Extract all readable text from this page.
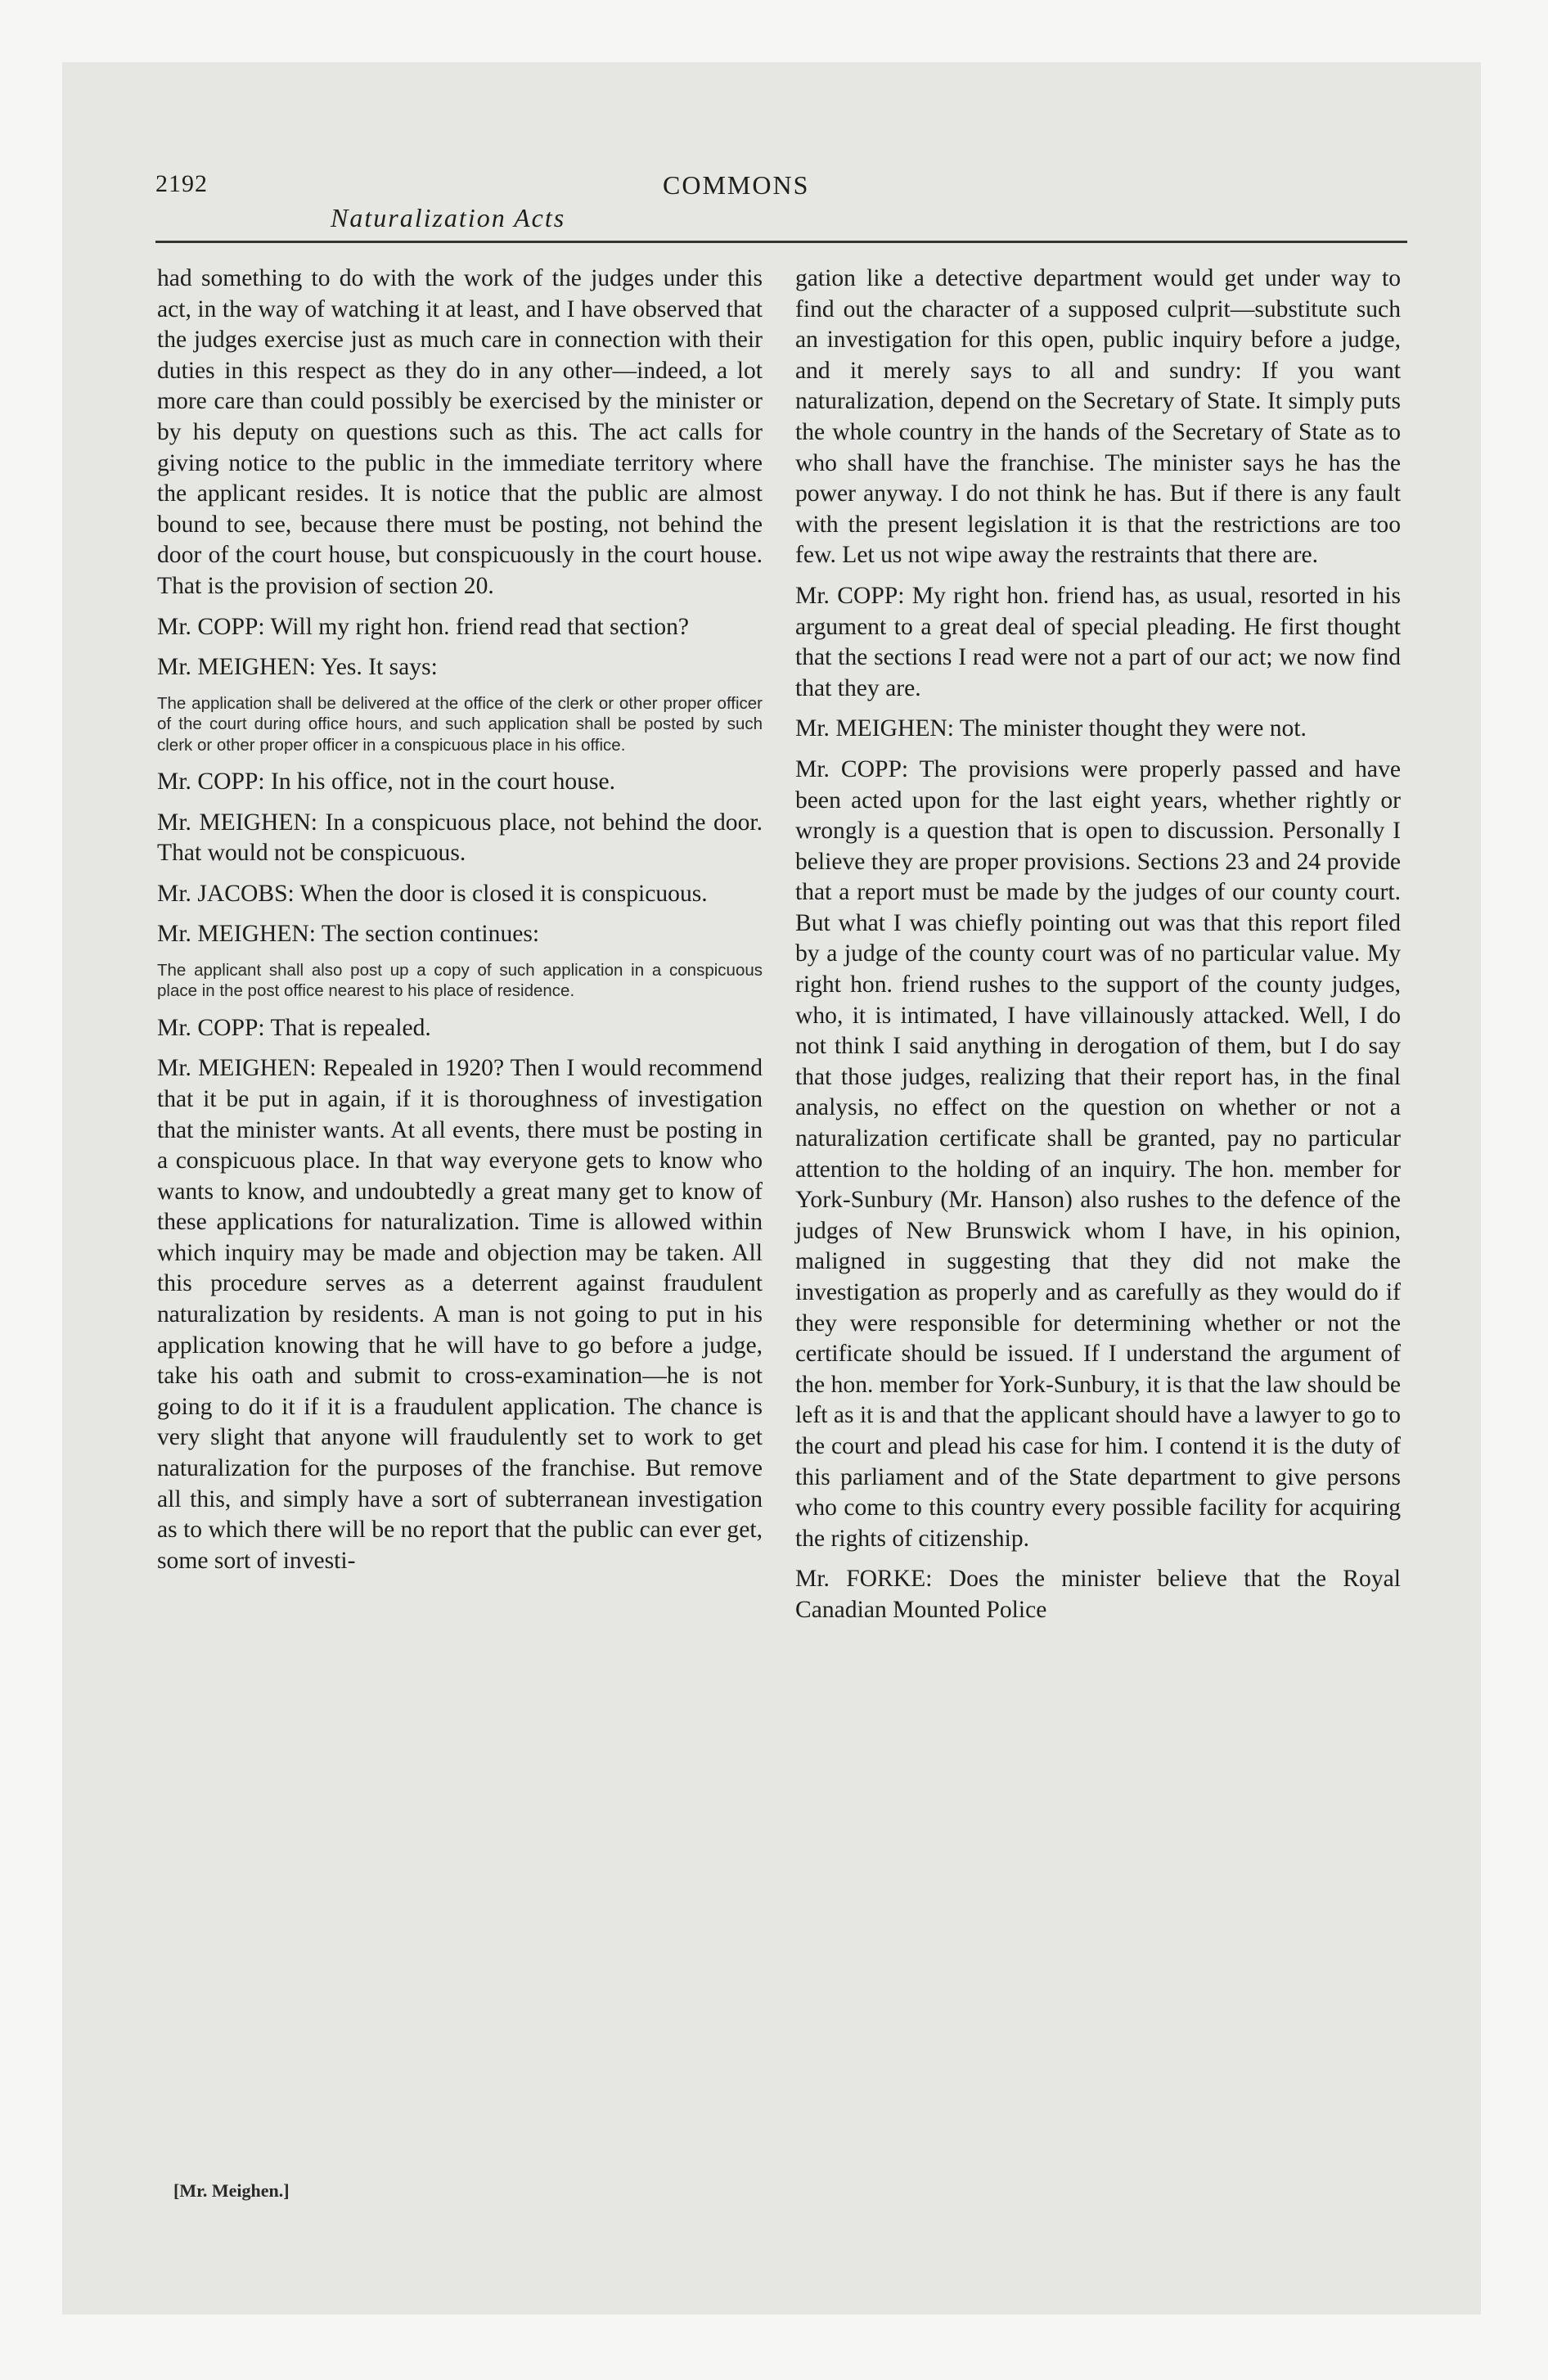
2192
Naturalization Acts
COMMONS

had something to do with the work of the judges under this act, in the way of watching it at least, and I have observed that the judges exercise just as much care in connection with their duties in this respect as they do in any other—indeed, a lot more care than could possibly be exercised by the minister or by his deputy on questions such as this. The act calls for giving notice to the public in the immediate territory where the applicant resides. It is notice that the public are almost bound to see, because there must be posting, not behind the door of the court house, but conspicuously in the court house. That is the provision of section 20.

Mr. COPP: Will my right hon. friend read that section?

Mr. MEIGHEN: Yes. It says:

The application shall be delivered at the office of the clerk or other proper officer of the court during office hours, and such application shall be posted by such clerk or other proper officer in a conspicuous place in his office.

Mr. COPP: In his office, not in the court house.

Mr. MEIGHEN: In a conspicuous place, not behind the door. That would not be conspicuous.

Mr. JACOBS: When the door is closed it is conspicuous.

Mr. MEIGHEN: The section continues:

The applicant shall also post up a copy of such application in a conspicuous place in the post office nearest to his place of residence.

Mr. COPP: That is repealed.

Mr. MEIGHEN: Repealed in 1920? Then I would recommend that it be put in again, if it is thoroughness of investigation that the minister wants. At all events, there must be posting in a conspicuous place. In that way everyone gets to know who wants to know, and undoubtedly a great many get to know of these applications for naturalization. Time is allowed within which inquiry may be made and objection may be taken. All this procedure serves as a deterrent against fraudulent naturalization by residents. A man is not going to put in his application knowing that he will have to go before a judge, take his oath and submit to cross-examination—he is not going to do it if it is a fraudulent application. The chance is very slight that anyone will fraudulently set to work to get naturalization for the purposes of the franchise. But remove all this, and simply have a sort of subterranean investigation as to which there will be no report that the public can ever get, some sort of investi-

gation like a detective department would get under way to find out the character of a supposed culprit—substitute such an investigation for this open, public inquiry before a judge, and it merely says to all and sundry: If you want naturalization, depend on the Secretary of State. It simply puts the whole country in the hands of the Secretary of State as to who shall have the franchise. The minister says he has the power anyway. I do not think he has. But if there is any fault with the present legislation it is that the restrictions are too few. Let us not wipe away the restraints that there are.

Mr. COPP: My right hon. friend has, as usual, resorted in his argument to a great deal of special pleading. He first thought that the sections I read were not a part of our act; we now find that they are.

Mr. MEIGHEN: The minister thought they were not.

Mr. COPP: The provisions were properly passed and have been acted upon for the last eight years, whether rightly or wrongly is a question that is open to discussion. Personally I believe they are proper provisions. Sections 23 and 24 provide that a report must be made by the judges of our county court. But what I was chiefly pointing out was that this report filed by a judge of the county court was of no particular value. My right hon. friend rushes to the support of the county judges, who, it is intimated, I have villainously attacked. Well, I do not think I said anything in derogation of them, but I do say that those judges, realizing that their report has, in the final analysis, no effect on the question on whether or not a naturalization certificate shall be granted, pay no particular attention to the holding of an inquiry. The hon. member for York-Sunbury (Mr. Hanson) also rushes to the defence of the judges of New Brunswick whom I have, in his opinion, maligned in suggesting that they did not make the investigation as properly and as carefully as they would do if they were responsible for determining whether or not the certificate should be issued. If I understand the argument of the hon. member for York-Sunbury, it is that the law should be left as it is and that the applicant should have a lawyer to go to the court and plead his case for him. I contend it is the duty of this parliament and of the State department to give persons who come to this country every possible facility for acquiring the rights of citizenship.

Mr. FORKE: Does the minister believe that the Royal Canadian Mounted Police

[Mr. Meighen.]
